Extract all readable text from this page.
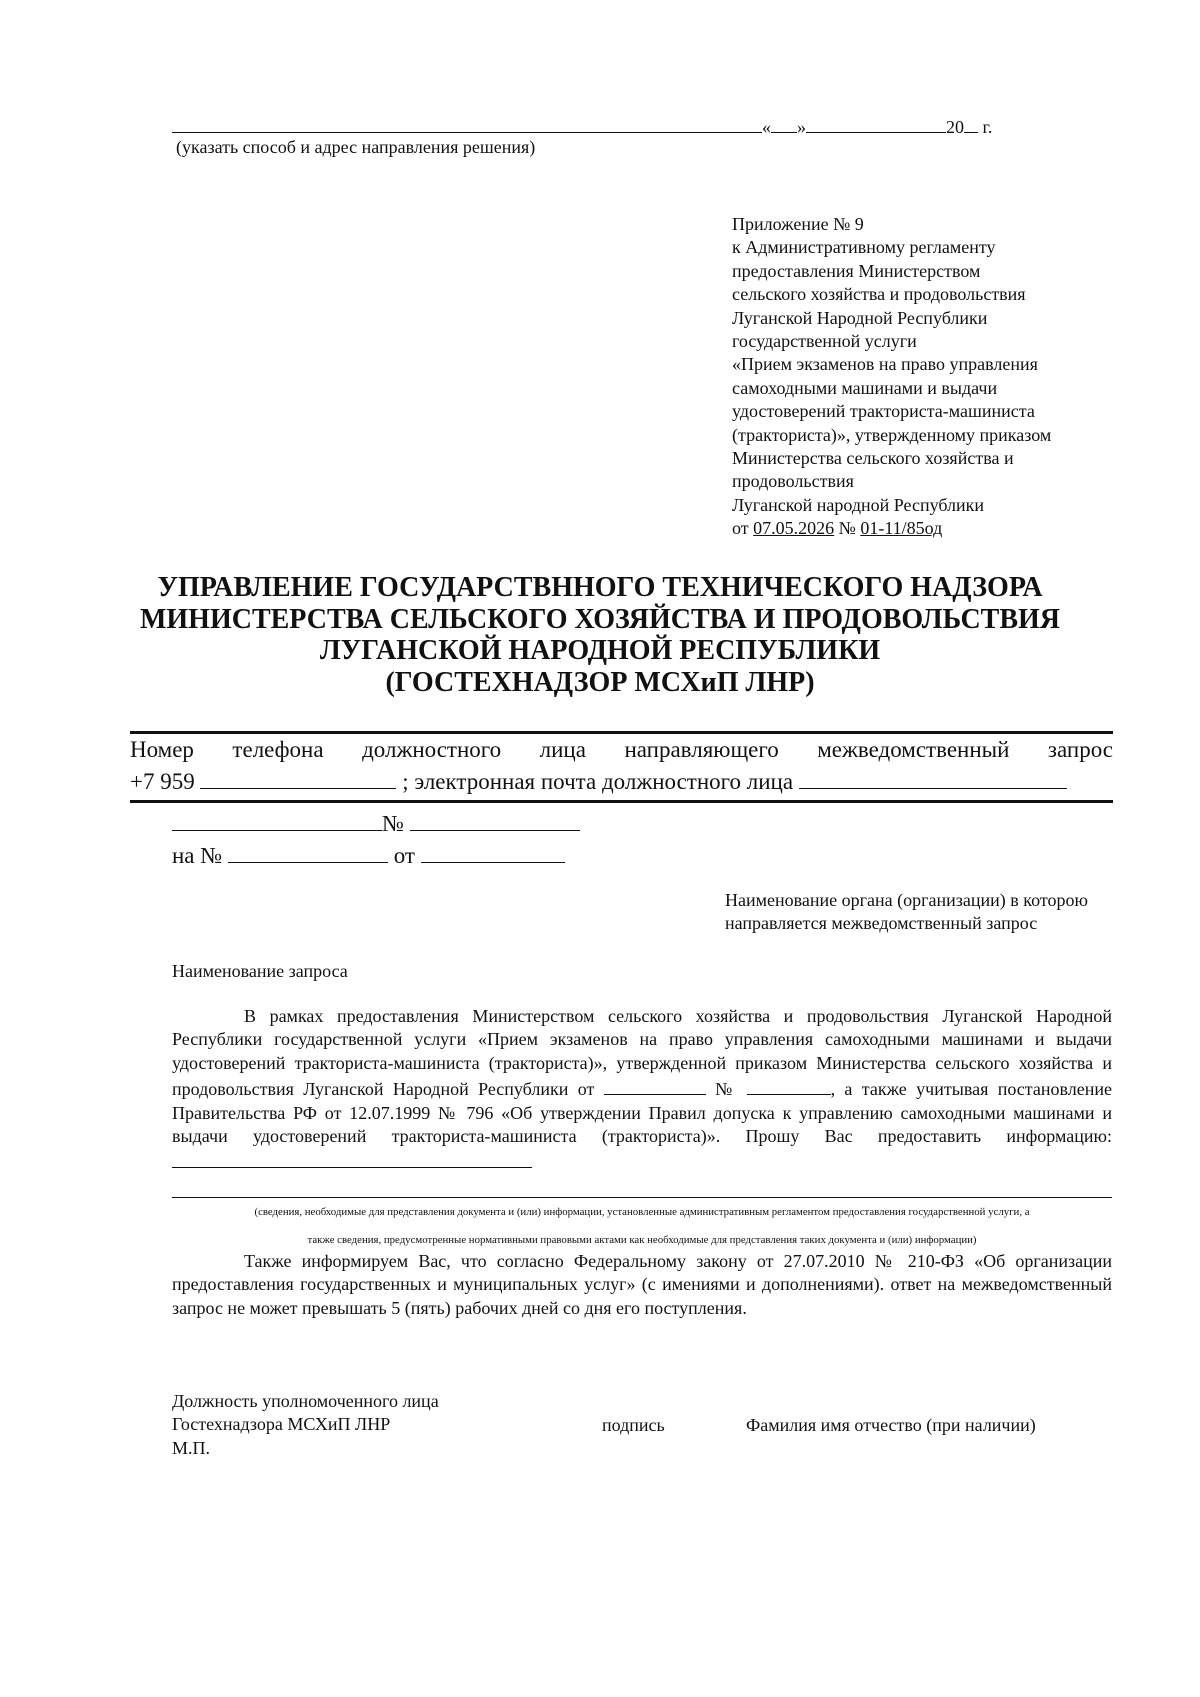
« »	20 г.
(указать способ и адрес направления решения)
Приложение № 9
к Административному регламенту
предоставления Министерством
сельского хозяйства и продовольствия
Луганской Народной Республики
государственной услуги
«Прием экзаменов на право управления
самоходными машинами и выдачи
удостоверений тракториста-машиниста
(тракториста)», утвержденному приказом
Министерства сельского хозяйства и
продовольствия
Луганской народной Республики
от 07.05.2026 № 01-11/85од
УПРАВЛЕНИЕ ГОСУДАРСТВННОГО ТЕХНИЧЕСКОГО НАДЗОРА
МИНИСТЕРСТВА СЕЛЬСКОГО ХОЗЯЙСТВА И ПРОДОВОЛЬСТВИЯ
ЛУГАНСКОЙ НАРОДНОЙ РЕСПУБЛИКИ
(ГОСТЕХНАДЗОР МСХиП ЛНР)
Номер телефона должностного лица направляющего межведомственный запрос
+7 959	; электронная почта должностного лица
№
на №	от
Наименование органа (организации) в которою направляется межведомственный запрос
Наименование запроса

В рамках предоставления Министерством сельского хозяйства и продовольствия Луганской Народной Республики государственной услуги «Прием экзаменов на право управления самоходными машинами и выдачи удостоверений тракториста-машиниста (тракториста)», утвержденной приказом Министерства сельского хозяйства и продовольствия Луганской Народной Республики от	№	, а также учитывая постановление Правительства РФ от 12.07.1999 № 796 «Об утверждении Правил допуска к управлению самоходными машинами и выдачи удостоверений тракториста-машиниста (тракториста)». Прошу Вас предоставить информацию:

(сведения, необходимые для представления документа и (или) информации, установленные административным регламентом предоставления государственной услуги, а
также сведения, предусмотренные нормативными правовыми актами как необходимые для представления таких документа и (или) информации)

Также информируем Вас, что согласно Федеральному закону от 27.07.2010 № 210-ФЗ «Об организации предоставления государственных и муниципальных услуг» (с имениями и дополнениями). ответ на межведомственный запрос не может превышать 5 (пять) рабочих дней со дня его поступления.

Должность уполномоченного лица
Гостехнадзора МСХиП ЛНР
М.П.
подпись	Фамилия имя отчество (при наличии)
